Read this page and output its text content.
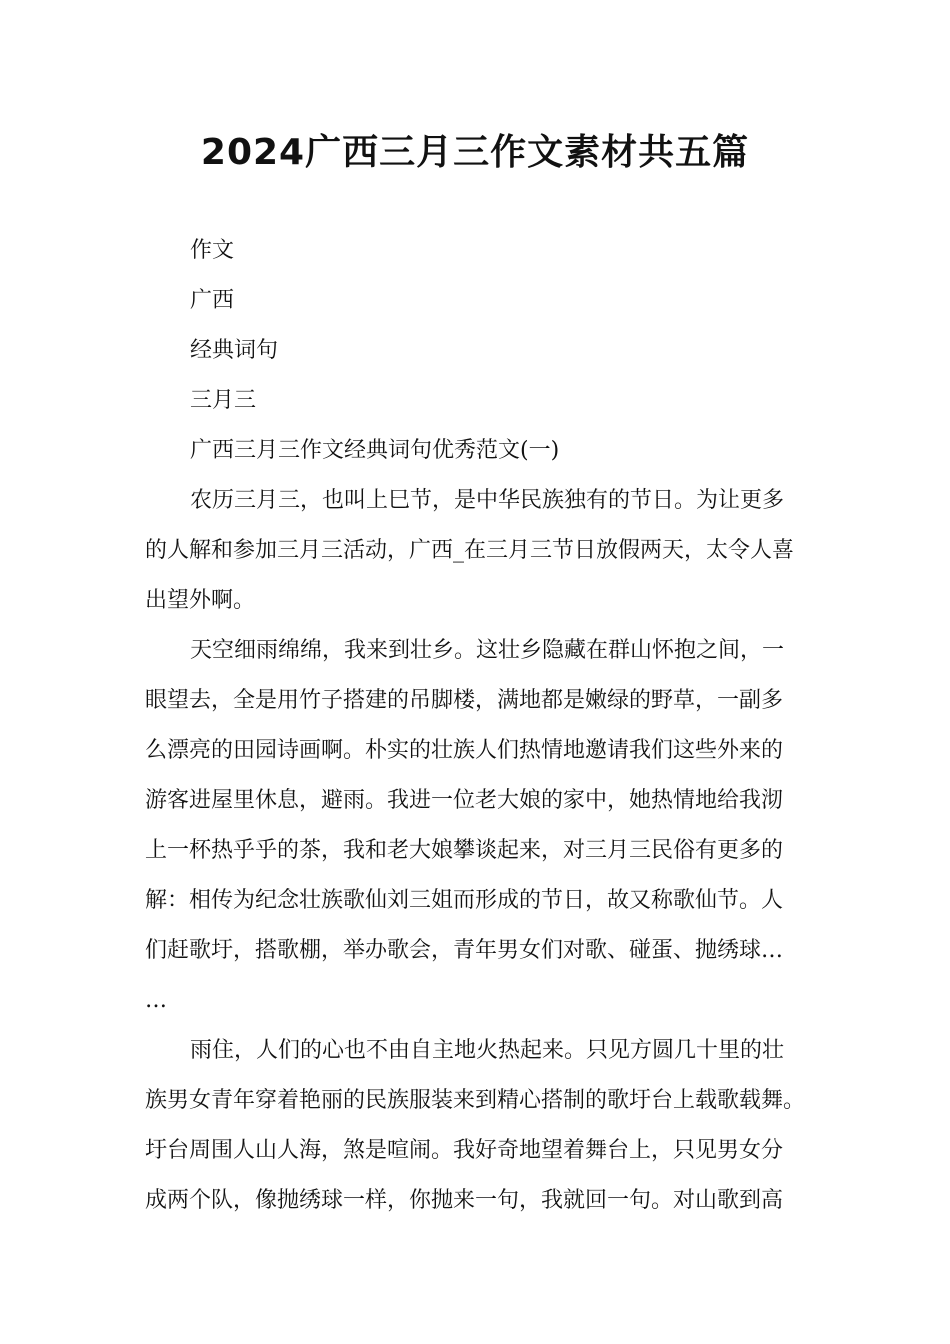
2024广西三月三作文素材共五篇
作文
广西
经典词句
三月三
广西三月三作文经典词句优秀范文(一)
农历三月三，也叫上巳节，是中华民族独有的节日。为让更多
的人解和参加三月三活动，广西_在三月三节日放假两天，太令人喜
出望外啊。
天空细雨绵绵，我来到壮乡。这壮乡隐藏在群山怀抱之间，一
眼望去，全是用竹子搭建的吊脚楼，满地都是嫩绿的野草，一副多
么漂亮的田园诗画啊。朴实的壮族人们热情地邀请我们这些外来的
游客进屋里休息，避雨。我进一位老大娘的家中，她热情地给我沏
上一杯热乎乎的茶，我和老大娘攀谈起来，对三月三民俗有更多的
解：相传为纪念壮族歌仙刘三姐而形成的节日，故又称歌仙节。人
们赶歌圩，搭歌棚，举办歌会，青年男女们对歌、碰蛋、抛绣球…
…
雨住，人们的心也不由自主地火热起来。只见方圆几十里的壮
族男女青年穿着艳丽的民族服装来到精心搭制的歌圩台上载歌载舞。
圩台周围人山人海，煞是喧闹。我好奇地望着舞台上，只见男女分
成两个队，像抛绣球一样，你抛来一句，我就回一句。对山歌到高
